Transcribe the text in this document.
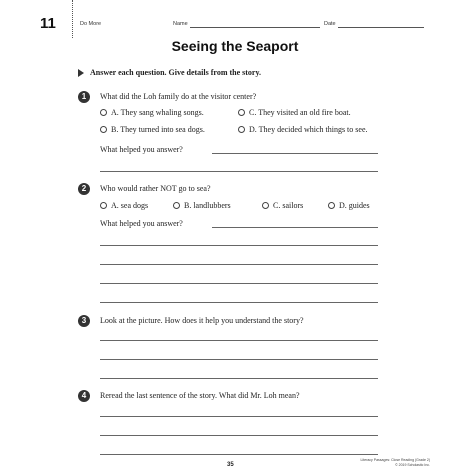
11	Do More	Name	Date
Seeing the Seaport
Answer each question. Give details from the story.
1	What did the Loh family do at the visitor center?
A. They sang whaling songs.	C. They visited an old fire boat.
B. They turned into sea dogs.	D. They decided which things to see.
What helped you answer?
2	Who would rather NOT go to sea?
A. sea dogs	B. landlubbers	C. sailors	D. guides
What helped you answer?
3	Look at the picture. How does it help you understand the story?
4	Reread the last sentence of the story. What did Mr. Loh mean?
35
Literacy Passages: Close Reading (Grade 2)
© 2019 Scholastic Inc.
